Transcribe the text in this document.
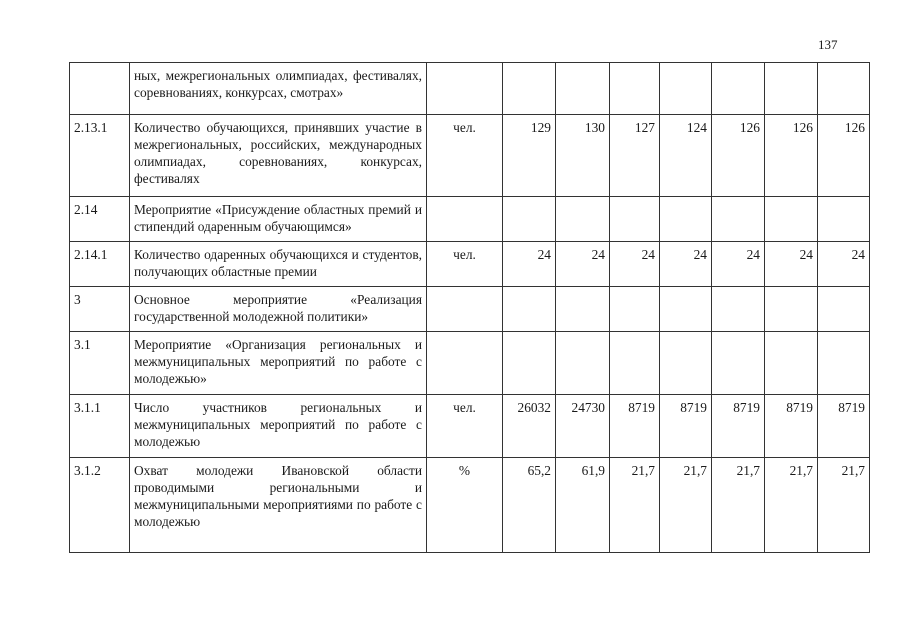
137
	ных, межрегиональных олимпиадах, фестивалях, соревнованиях, конкурсах, смотрах»								
2.13.1	Количество обучающихся, принявших участие в межрегиональных, российских, международных олимпиадах, соревнованиях, конкурсах, фестивалях	чел.	129	130	127	124	126	126	126
2.14	Мероприятие «Присуждение областных премий и стипендий одаренным обучающимся»								
2.14.1	Количество одаренных обучающихся и студентов, получающих областные премии	чел.	24	24	24	24	24	24	24
3	Основное мероприятие «Реализация государственной молодежной политики»								
3.1	Мероприятие «Организация региональных и межмуниципальных мероприятий по работе с молодежью»								
3.1.1	Число участников региональных и межмуниципальных мероприятий по работе с молодежью	чел.	26032	24730	8719	8719	8719	8719	8719
3.1.2	Охват молодежи Ивановской области проводимыми региональными и межмуниципальными мероприятиями по работе с молодежью	%	65,2	61,9	21,7	21,7	21,7	21,7	21,7
